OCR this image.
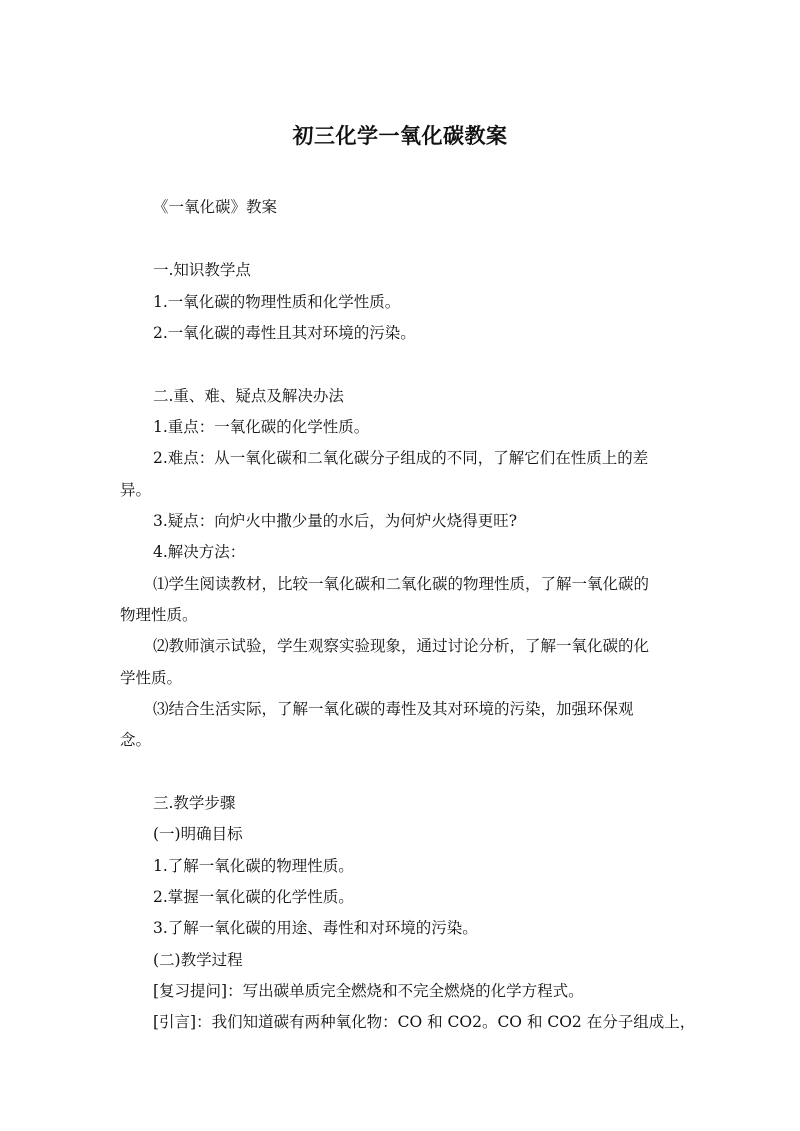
初三化学一氧化碳教案
《一氧化碳》教案
一.知识教学点
1.一氧化碳的物理性质和化学性质。
2.一氧化碳的毒性且其对环境的污染。
二.重、难、疑点及解决办法
1.重点：一氧化碳的化学性质。
2.难点：从一氧化碳和二氧化碳分子组成的不同，了解它们在性质上的差
异。
3.疑点：向炉火中撒少量的水后，为何炉火烧得更旺?
4.解决方法：
⑴学生阅读教材，比较一氧化碳和二氧化碳的物理性质，了解一氧化碳的
物理性质。
⑵教师演示试验，学生观察实验现象，通过讨论分析，了解一氧化碳的化
学性质。
⑶结合生活实际，了解一氧化碳的毒性及其对环境的污染，加强环保观
念。
三.教学步骤
(一)明确目标
1.了解一氧化碳的物理性质。
2.掌握一氧化碳的化学性质。
3.了解一氧化碳的用途、毒性和对环境的污染。
(二)教学过程
[复习提问]：写出碳单质完全燃烧和不完全燃烧的化学方程式。
[引言]：我们知道碳有两种氧化物：CO 和 CO2。CO 和 CO2 在分子组成上，
